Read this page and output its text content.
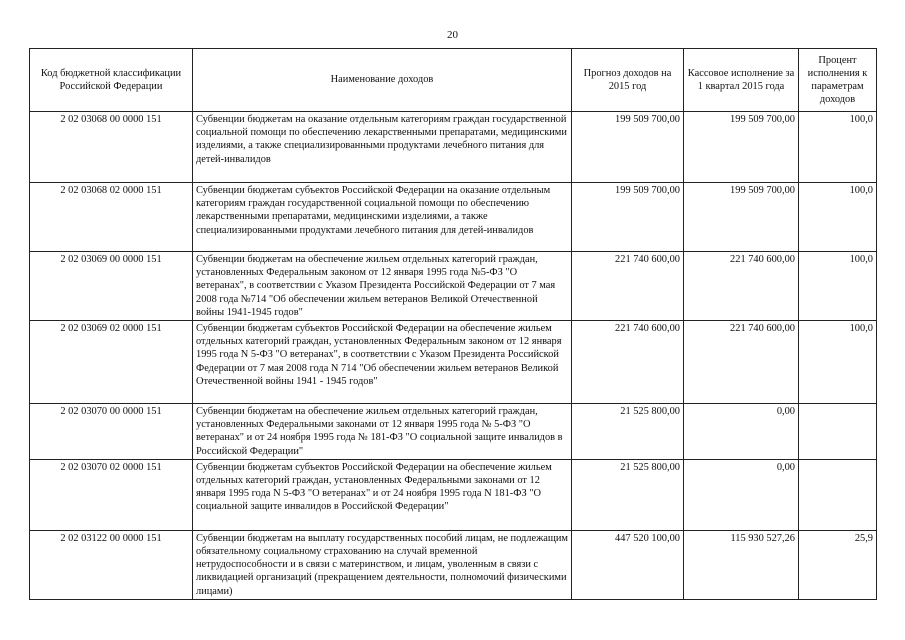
20
Код бюджетной классификации Российской Федерации	Наименование доходов	Прогноз доходов на 2015 год	Кассовое исполнение за 1 квартал 2015 года	Процент исполнения к параметрам доходов
2 02 03068 00 0000 151	Субвенции бюджетам на оказание отдельным категориям граждан государственной социальной помощи по обеспечению лекарственными препаратами, медицинскими изделиями, а также специализированными продуктами лечебного питания для детей-инвалидов	199 509 700,00	199 509 700,00	100,0
2 02 03068 02 0000 151	Субвенции бюджетам субъектов Российской Федерации на оказание отдельным категориям граждан государственной социальной помощи по обеспечению лекарственными препаратами, медицинскими изделиями, а также специализированными продуктами лечебного питания для детей-инвалидов	199 509 700,00	199 509 700,00	100,0
2 02 03069 00 0000 151	Субвенции бюджетам на обеспечение жильем отдельных категорий граждан, установленных Федеральным законом от 12 января 1995 года №5-ФЗ "О ветеранах", в соответствии с Указом Президента Российской Федерации от 7 мая 2008 года №714 "Об обеспечении жильем ветеранов Великой Отечественной войны 1941-1945 годов"	221 740 600,00	221 740 600,00	100,0
2 02 03069 02 0000 151	Субвенции бюджетам субъектов Российской Федерации на обеспечение жильем отдельных категорий граждан, установленных Федеральным законом от 12 января 1995 года N 5-ФЗ "О ветеранах", в соответствии с Указом Президента Российской Федерации от 7 мая 2008 года N 714 "Об обеспечении жильем ветеранов Великой Отечественной войны 1941 - 1945 годов"	221 740 600,00	221 740 600,00	100,0
2 02 03070 00 0000 151	Субвенции бюджетам на обеспечение жильем отдельных категорий граждан, установленных Федеральными законами от 12 января 1995 года № 5-ФЗ "О ветеранах" и от 24 ноября 1995 года № 181-ФЗ "О социальной защите инвалидов в Российской Федерации"	21 525 800,00	0,00	
2 02 03070 02 0000 151	Субвенции бюджетам субъектов Российской Федерации на обеспечение жильем отдельных категорий граждан, установленных Федеральными законами от 12 января 1995 года N 5-ФЗ "О ветеранах" и от 24 ноября 1995 года N 181-ФЗ "О социальной защите инвалидов в Российской Федерации"	21 525 800,00	0,00	
2 02 03122 00 0000 151	Субвенции бюджетам на выплату государственных пособий лицам, не подлежащим обязательному социальному страхованию на случай временной нетрудоспособности и в связи с материнством, и лицам, уволенным в связи с ликвидацией организаций (прекращением деятельности, полномочий физическими лицами)	447 520 100,00	115 930 527,26	25,9
